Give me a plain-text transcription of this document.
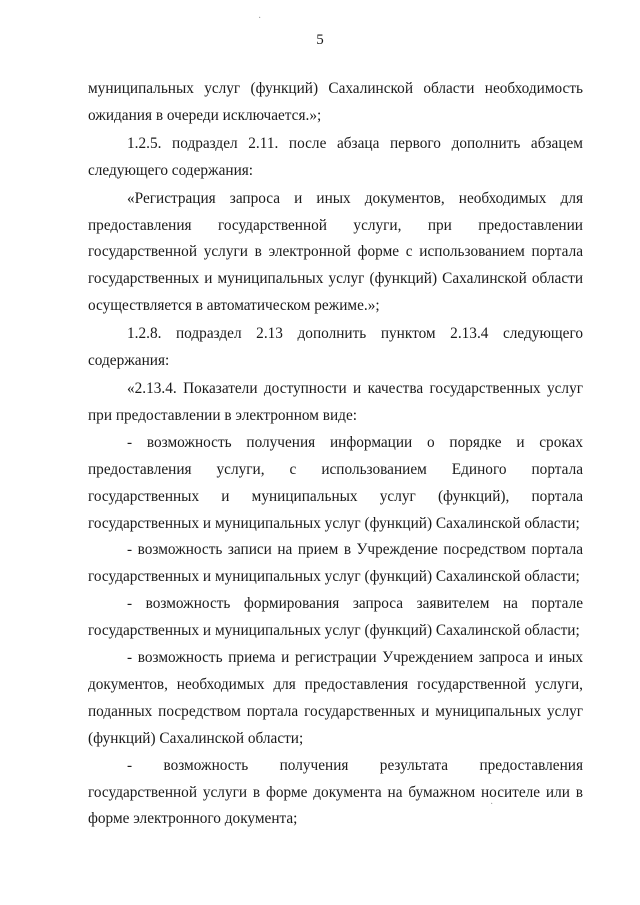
5

муниципальных услуг (функций) Сахалинской области необходимость ожидания в очереди исключается.»;

1.2.5. подраздел 2.11. после абзаца первого дополнить абзацем следующего содержания:

«Регистрация запроса и иных документов, необходимых для предоставления государственной услуги, при предоставлении государственной услуги в электронной форме с использованием портала государственных и муниципальных услуг (функций) Сахалинской области осуществляется в автоматическом режиме.»;

1.2.8. подраздел 2.13 дополнить пунктом 2.13.4 следующего содержания:

«2.13.4. Показатели доступности и качества государственных услуг при предоставлении в электронном виде:

- возможность получения информации о порядке и сроках предоставления услуги, с использованием Единого портала государственных и муниципальных услуг (функций), портала государственных и муниципальных услуг (функций) Сахалинской области;

- возможность записи на прием в Учреждение посредством портала государственных и муниципальных услуг (функций) Сахалинской области;

- возможность формирования запроса заявителем на портале государственных и муниципальных услуг (функций) Сахалинской области;

- возможность приема и регистрации Учреждением запроса и иных документов, необходимых для предоставления государственной услуги, поданных посредством портала государственных и муниципальных услуг (функций) Сахалинской области;

- возможность получения результата предоставления государственной услуги в форме документа на бумажном носителе или в форме электронного документа;

·
·
